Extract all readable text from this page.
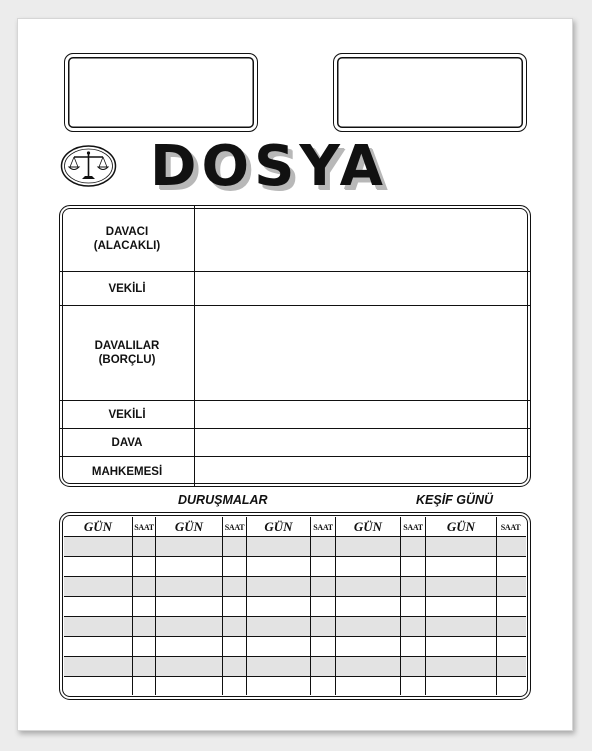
DOSYA
DAVACI
(ALACAKLI)
VEKİLİ
DAVALILAR
(BORÇLU)
VEKİLİ
DAVA
MAHKEMESİ
DURUŞMALAR	KEŞİF GÜNÜ
GÜN	SAAT	GÜN	SAAT	GÜN	SAAT	GÜN	SAAT	GÜN	SAAT
